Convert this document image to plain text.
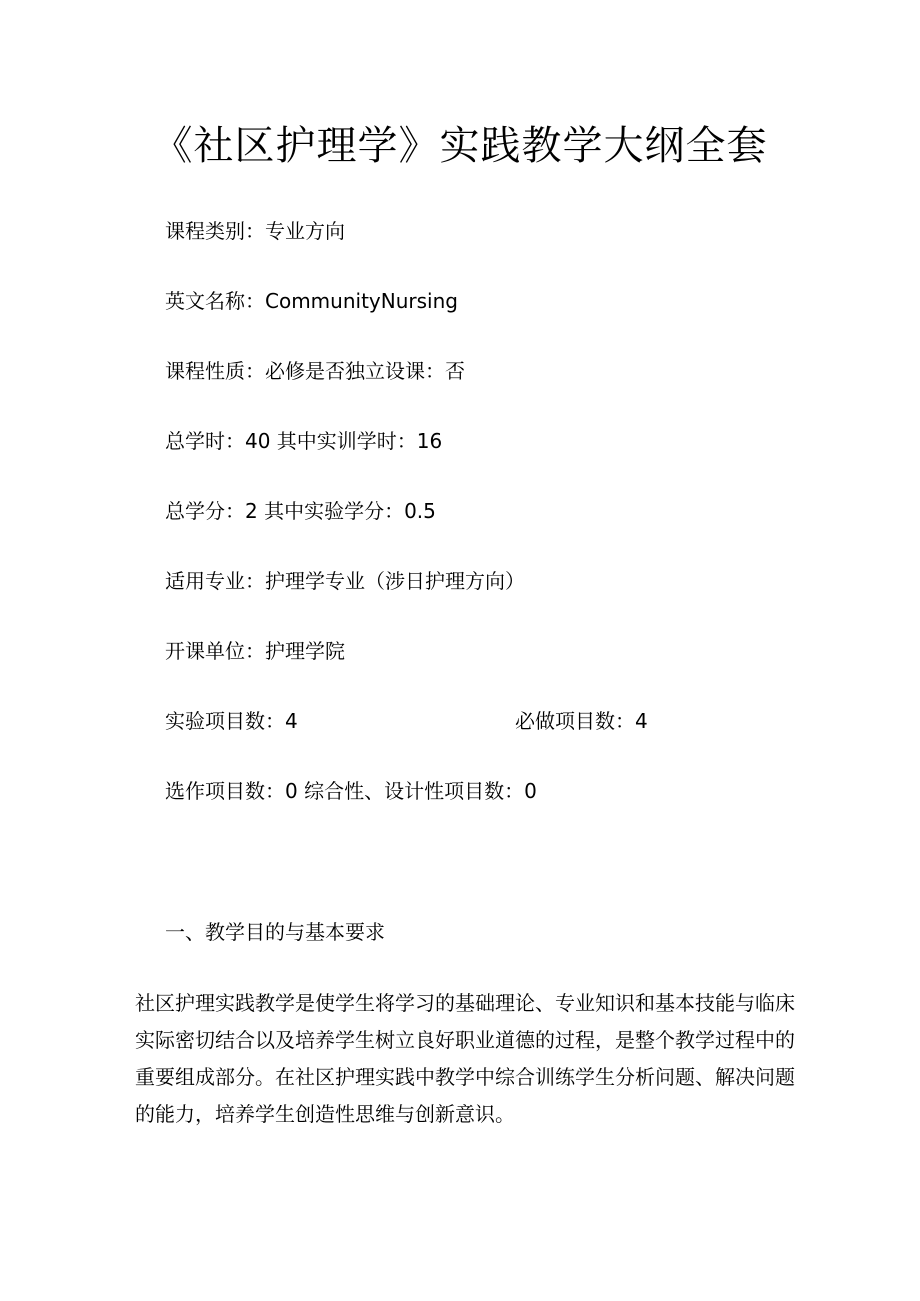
《社区护理学》实践教学大纲全套
课程类别：专业方向
英文名称：CommunityNursing
课程性质：必修是否独立设课：否
总学时：40 其中实训学时：16
总学分：2 其中实验学分：0.5
适用专业：护理学专业（涉日护理方向）
开课单位：护理学院
实验项目数：4	必做项目数：4
选作项目数：0 综合性、设计性项目数：0
一、教学目的与基本要求
社区护理实践教学是使学生将学习的基础理论、专业知识和基本技能与临床
实际密切结合以及培养学生树立良好职业道德的过程，是整个教学过程中的
重要组成部分。在社区护理实践中教学中综合训练学生分析问题、解决问题
的能力，培养学生创造性思维与创新意识。
